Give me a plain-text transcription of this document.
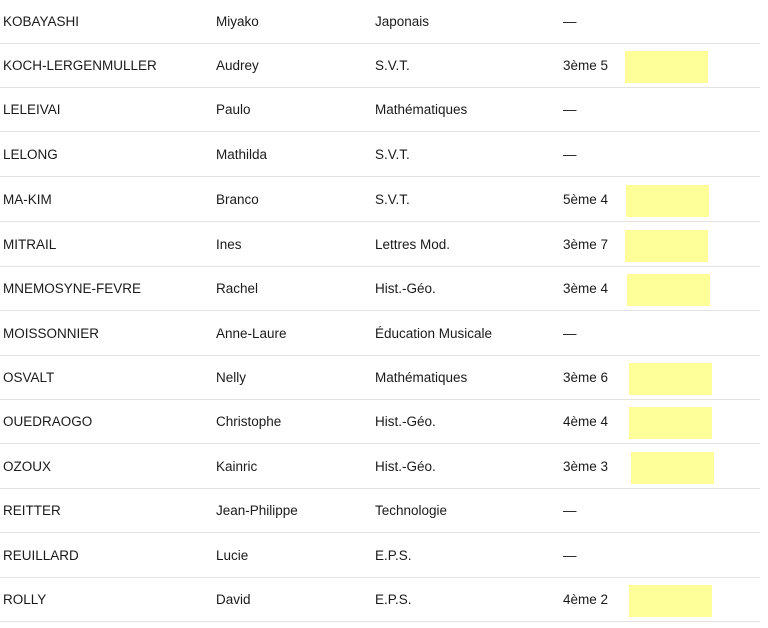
KOBAYASHI	Miyako	Japonais	—
KOCH-LERGENMULLER	Audrey	S.V.T.	3ème 5
LELEIVAI	Paulo	Mathématiques	—
LELONG	Mathilda	S.V.T.	—
MA-KIM	Branco	S.V.T.	5ème 4
MITRAIL	Ines	Lettres Mod.	3ème 7
MNEMOSYNE-FEVRE	Rachel	Hist.-Géo.	3ème 4
MOISSONNIER	Anne-Laure	Éducation Musicale	—
OSVALT	Nelly	Mathématiques	3ème 6
OUEDRAOGO	Christophe	Hist.-Géo.	4ème 4
OZOUX	Kainric	Hist.-Géo.	3ème 3
REITTER	Jean-Philippe	Technologie	—
REUILLARD	Lucie	E.P.S.	—
ROLLY	David	E.P.S.	4ème 2
